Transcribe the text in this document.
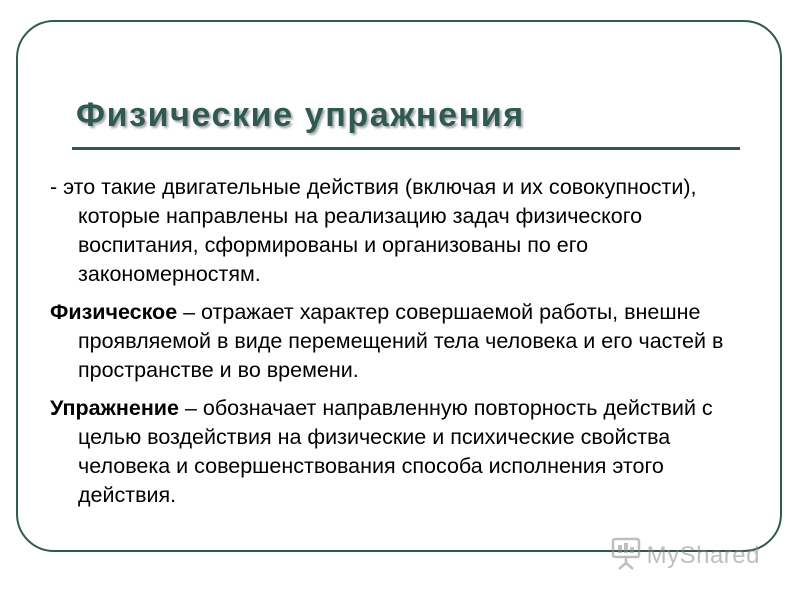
Физические упражнения

- это такие двигательные действия (включая и их совокупности), которые направлены на реализацию задач физического воспитания, сформированы и организованы по его закономерностям.

Физическое – отражает характер совершаемой работы, внешне проявляемой в виде перемещений тела человека и его частей в пространстве и во времени.

Упражнение – обозначает направленную повторность действий с целью воздействия на физические и психические свойства человека и совершенствования способа исполнения этого действия.

MyShared
